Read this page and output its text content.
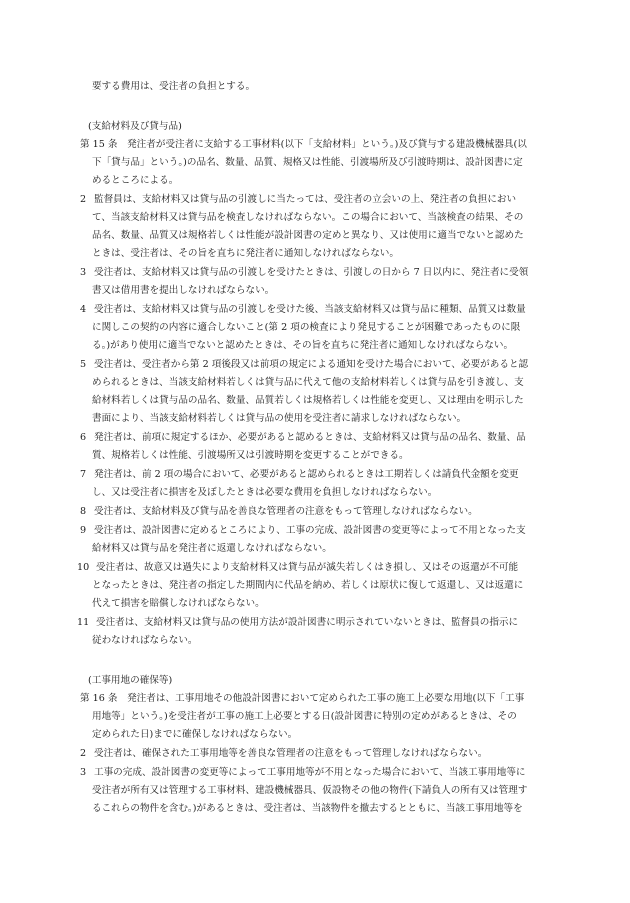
要する費用は、受注者の負担とする。
(支給材料及び貸与品)
第 15 条　発注者が受注者に支給する工事材料(以下「支給材料」という。)及び貸与する建設機械器具(以
下「貸与品」という。)の品名、数量、品質、規格又は性能、引渡場所及び引渡時期は、設計図書に定
めるところによる。
2 監督員は、支給材料又は貸与品の引渡しに当たっては、受注者の立会いの上、発注者の負担におい
て、当該支給材料又は貸与品を検査しなければならない。この場合において、当該検査の結果、その
品名、数量、品質又は規格若しくは性能が設計図書の定めと異なり、又は使用に適当でないと認めた
ときは、受注者は、その旨を直ちに発注者に通知しなければならない。
3 受注者は、支給材料又は貸与品の引渡しを受けたときは、引渡しの日から 7 日以内に、発注者に受領
書又は借用書を提出しなければならない。
4 受注者は、支給材料又は貸与品の引渡しを受けた後、当該支給材料又は貸与品に種類、品質又は数量
に関しこの契約の内容に適合しないこと(第 2 項の検査により発見することが困難であったものに限
る。)があり使用に適当でないと認めたときは、その旨を直ちに発注者に通知しなければならない。
5 受注者は、受注者から第 2 項後段又は前項の規定による通知を受けた場合において、必要があると認
められるときは、当該支給材料若しくは貸与品に代えて他の支給材料若しくは貸与品を引き渡し、支
給材料若しくは貸与品の品名、数量、品質若しくは規格若しくは性能を変更し、又は理由を明示した
書面により、当該支給材料若しくは貸与品の使用を受注者に請求しなければならない。
6 発注者は、前項に規定するほか、必要があると認めるときは、支給材料又は貸与品の品名、数量、品
質、規格若しくは性能、引渡場所又は引渡時期を変更することができる。
7 発注者は、前 2 項の場合において、必要があると認められるときは工期若しくは請負代金額を変更
し、又は受注者に損害を及ぼしたときは必要な費用を負担しなければならない。
8 受注者は、支給材料及び貸与品を善良な管理者の注意をもって管理しなければならない。
9 受注者は、設計図書に定めるところにより、工事の完成、設計図書の変更等によって不用となった支
給材料又は貸与品を発注者に返還しなければならない。
10 受注者は、故意又は過失により支給材料又は貸与品が滅失若しくはき損し、又はその返還が不可能
となったときは、発注者の指定した期間内に代品を納め、若しくは原状に復して返還し、又は返還に
代えて損害を賠償しなければならない。
11 受注者は、支給材料又は貸与品の使用方法が設計図書に明示されていないときは、監督員の指示に
従わなければならない。
(工事用地の確保等)
第 16 条　発注者は、工事用地その他設計図書において定められた工事の施工上必要な用地(以下「工事
用地等」という。)を受注者が工事の施工上必要とする日(設計図書に特別の定めがあるときは、その
定められた日)までに確保しなければならない。
2 受注者は、確保された工事用地等を善良な管理者の注意をもって管理しなければならない。
3 工事の完成、設計図書の変更等によって工事用地等が不用となった場合において、当該工事用地等に
受注者が所有又は管理する工事材料、建設機械器具、仮設物その他の物件(下請負人の所有又は管理す
るこれらの物件を含む。)があるときは、受注者は、当該物件を撤去するとともに、当該工事用地等を
